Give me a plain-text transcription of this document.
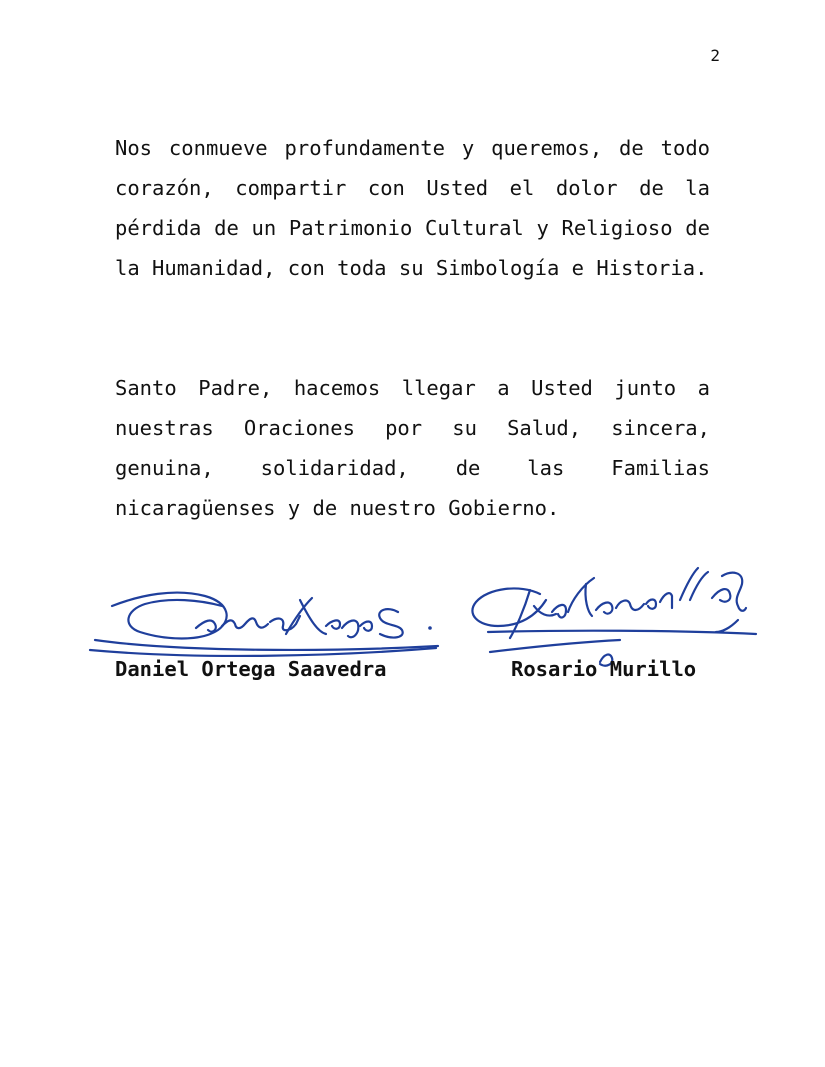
2

Nos conmueve profundamente y queremos, de todo corazón, compartir con Usted el dolor de la pérdida de un Patrimonio Cultural y Religioso de la Humanidad, con toda su Simbología e Historia.

Santo Padre, hacemos llegar a Usted junto a nuestras Oraciones por su Salud, sincera, genuina, solidaridad, de las Familias nicaragüenses y de nuestro Gobierno.

Daniel Ortega Saavedra	Rosario Murillo
